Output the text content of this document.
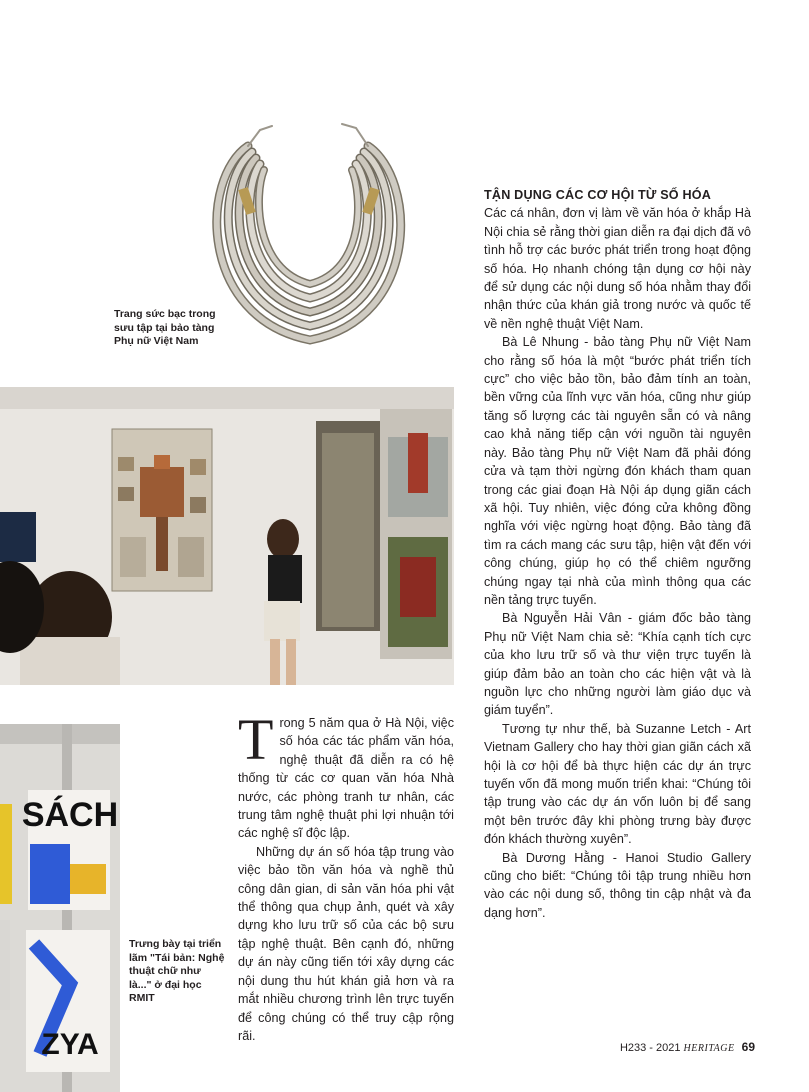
Trang sức bạc trong sưu tập tại bảo tàng Phụ nữ Việt Nam
SÁCH
ZYA
Trưng bày tại triển lãm "Tái bản: Nghệ thuật chữ như là..." ở đại học RMIT

Trong 5 năm qua ở Hà Nội, việc số hóa các tác phẩm văn hóa, nghệ thuật đã diễn ra có hệ thống từ các cơ quan văn hóa Nhà nước, các phòng tranh tư nhân, các trung tâm nghệ thuật phi lợi nhuận tới các nghệ sĩ độc lập.

Những dự án số hóa tập trung vào việc bảo tồn văn hóa và nghề thủ công dân gian, di sản văn hóa phi vật thể thông qua chụp ảnh, quét và xây dựng kho lưu trữ số của các bộ sưu tập nghệ thuật. Bên cạnh đó, những dự án này cũng tiến tới xây dựng các nội dung thu hút khán giả hơn và ra mắt nhiều chương trình lên trực tuyến để công chúng có thể truy cập rộng rãi.

TẬN DỤNG CÁC CƠ HỘI TỪ SỐ HÓA

Các cá nhân, đơn vị làm về văn hóa ở khắp Hà Nội chia sẻ rằng thời gian diễn ra đại dịch đã vô tình hỗ trợ các bước phát triển trong hoạt động số hóa. Họ nhanh chóng tận dụng cơ hội này để sử dụng các nội dung số hóa nhằm thay đổi nhận thức của khán giả trong nước và quốc tế về nền nghệ thuật Việt Nam.

Bà Lê Nhung - bảo tàng Phụ nữ Việt Nam cho rằng số hóa là một “bước phát triển tích cực” cho việc bảo tồn, bảo đảm tính an toàn, bền vững của lĩnh vực văn hóa, cũng như giúp tăng số lượng các tài nguyên sẵn có và nâng cao khả năng tiếp cận với nguồn tài nguyên này. Bảo tàng Phụ nữ Việt Nam đã phải đóng cửa và tạm thời ngừng đón khách tham quan trong các giai đoạn Hà Nội áp dụng giãn cách xã hội. Tuy nhiên, việc đóng cửa không đồng nghĩa với việc ngừng hoạt động. Bảo tàng đã tìm ra cách mang các sưu tập, hiện vật đến với công chúng, giúp họ có thể chiêm ngưỡng chúng ngay tại nhà của mình thông qua các nền tảng trực tuyến.

Bà Nguyễn Hải Vân - giám đốc bảo tàng Phụ nữ Việt Nam chia sẻ: “Khía cạnh tích cực của kho lưu trữ số và thư viện trực tuyến là giúp đảm bảo an toàn cho các hiện vật và là nguồn lực cho những người làm giáo dục và giám tuyển”.

Tương tự như thế, bà Suzanne Letch - Art Vietnam Gallery cho hay thời gian giãn cách xã hội là cơ hội để bà thực hiện các dự án trực tuyến vốn đã mong muốn triển khai: “Chúng tôi tập trung vào các dự án vốn luôn bị để sang một bên trước đây khi phòng trưng bày được đón khách thường xuyên”.

Bà Dương Hằng - Hanoi Studio Gallery cũng cho biết: “Chúng tôi tập trung nhiều hơn vào các nội dung số, thông tin cập nhật và đa dạng hơn”.

H233 - 2021 HERITAGE 69
